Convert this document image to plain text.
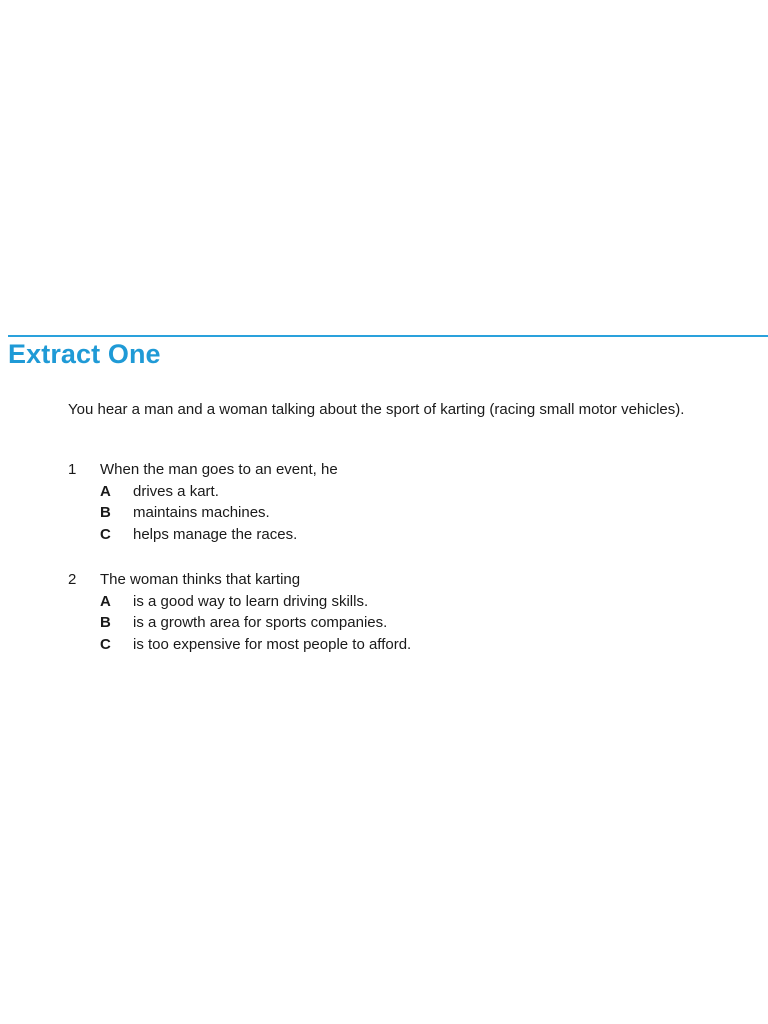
Extract One

You hear a man and a woman talking about the sport of karting (racing small motor vehicles).

1	When the man goes to an event, he
A	drives a kart.
B	maintains machines.
C	helps manage the races.
2	The woman thinks that karting
A	is a good way to learn driving skills.
B	is a growth area for sports companies.
C	is too expensive for most people to afford.
